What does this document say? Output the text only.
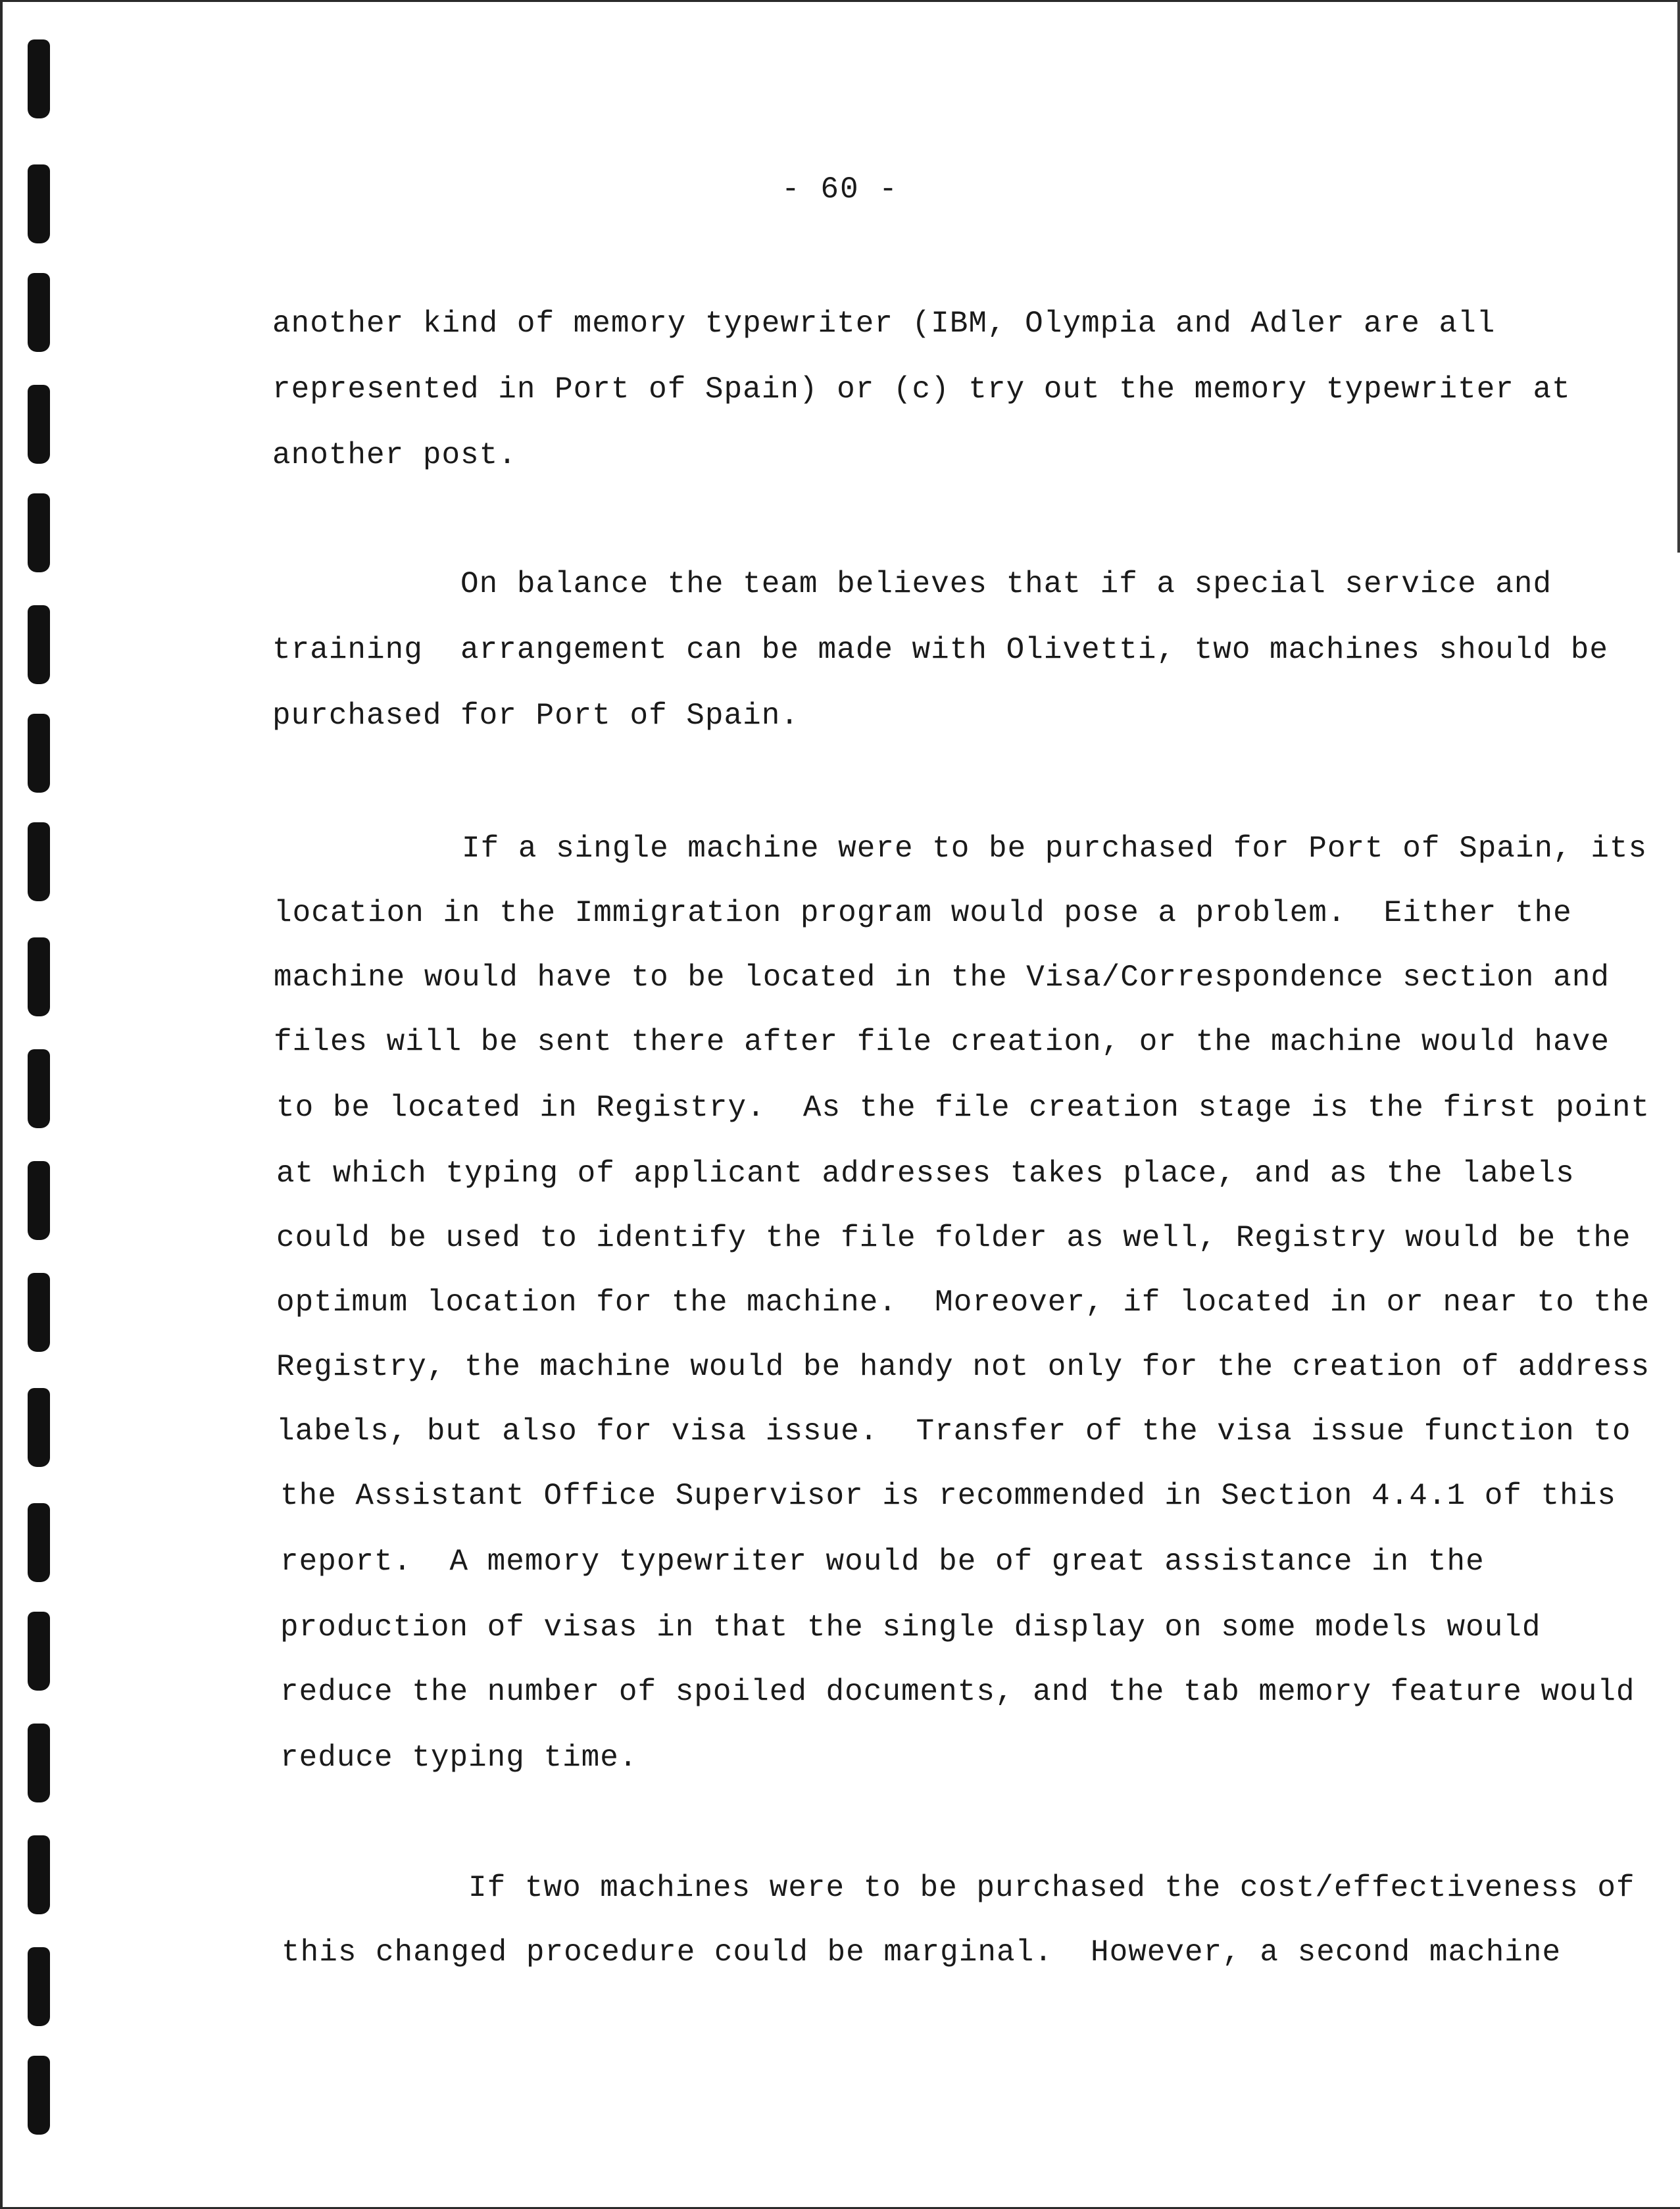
- 60 -
another kind of memory typewriter (IBM, Olympia and Adler are all
represented in Port of Spain) or (c) try out the memory typewriter at
another post.
On balance the team believes that if a special service and
training  arrangement can be made with Olivetti, two machines should be
purchased for Port of Spain.
If a single machine were to be purchased for Port of Spain, its
location in the Immigration program would pose a problem.  Either the
machine would have to be located in the Visa/Correspondence section and
files will be sent there after file creation, or the machine would have
to be located in Registry.  As the file creation stage is the first point
at which typing of applicant addresses takes place, and as the labels
could be used to identify the file folder as well, Registry would be the
optimum location for the machine.  Moreover, if located in or near to the
Registry, the machine would be handy not only for the creation of address
labels, but also for visa issue.  Transfer of the visa issue function to
the Assistant Office Supervisor is recommended in Section 4.4.1 of this
report.  A memory typewriter would be of great assistance in the
production of visas in that the single display on some models would
reduce the number of spoiled documents, and the tab memory feature would
reduce typing time.
If two machines were to be purchased the cost/effectiveness of
this changed procedure could be marginal.  However, a second machine
